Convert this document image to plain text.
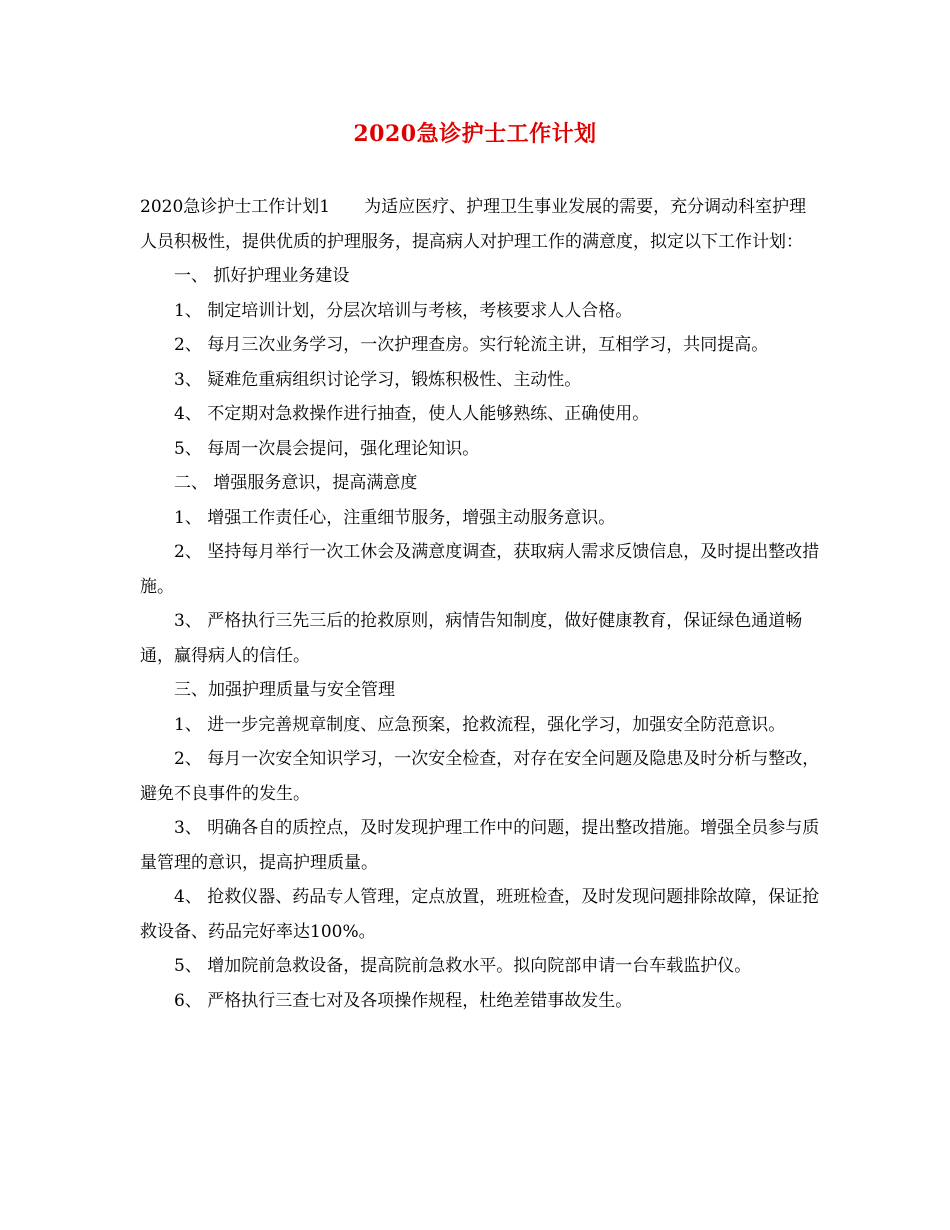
2020急诊护士工作计划

2020急诊护士工作计划1 为适应医疗、护理卫生事业发展的需要，充分调动科室护理人员积极性，提供优质的护理服务，提高病人对护理工作的满意度，拟定以下工作计划：

一、 抓好护理业务建设

1、 制定培训计划，分层次培训与考核，考核要求人人合格。

2、 每月三次业务学习，一次护理查房。实行轮流主讲，互相学习，共同提高。

3、 疑难危重病组织讨论学习，锻炼积极性、主动性。

4、 不定期对急救操作进行抽查，使人人能够熟练、正确使用。

5、 每周一次晨会提问，强化理论知识。

二、 增强服务意识，提高满意度

1、 增强工作责任心，注重细节服务，增强主动服务意识。

2、 坚持每月举行一次工休会及满意度调查，获取病人需求反馈信息，及时提出整改措施。

3、 严格执行三先三后的抢救原则，病情告知制度，做好健康教育，保证绿色通道畅通，赢得病人的信任。

三、加强护理质量与安全管理

1、 进一步完善规章制度、应急预案，抢救流程，强化学习，加强安全防范意识。

2、 每月一次安全知识学习，一次安全检查，对存在安全问题及隐患及时分析与整改，避免不良事件的发生。

3、 明确各自的质控点，及时发现护理工作中的问题，提出整改措施。增强全员参与质量管理的意识，提高护理质量。

4、 抢救仪器、药品专人管理，定点放置，班班检查，及时发现问题排除故障，保证抢救设备、药品完好率达100%。

5、 增加院前急救设备，提高院前急救水平。拟向院部申请一台车载监护仪。

6、 严格执行三查七对及各项操作规程，杜绝差错事故发生。
